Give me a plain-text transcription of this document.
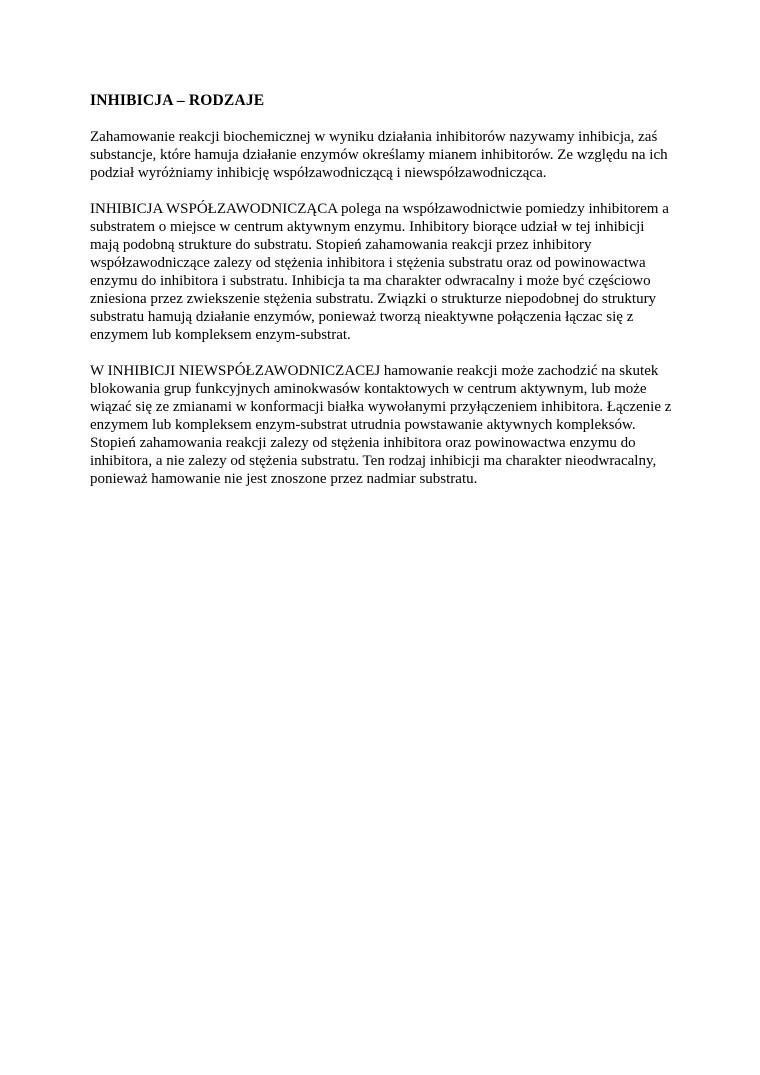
INHIBICJA – RODZAJE

Zahamowanie reakcji biochemicznej w wyniku działania inhibitorów nazywamy inhibicja, zaś substancje, które hamuja działanie enzymów określamy mianem inhibitorów. Ze względu na ich podział wyróżniamy inhibicję współzawodniczącą i niewspółzawodnicząca.

INHIBICJA WSPÓŁZAWODNICZĄCA polega na współzawodnictwie pomiedzy inhibitorem a substratem o miejsce w centrum aktywnym enzymu. Inhibitory biorące udział w tej inhibicji mają podobną strukture do substratu. Stopień zahamowania reakcji przez inhibitory współzawodniczące zalezy od stężenia inhibitora i stężenia substratu oraz od powinowactwa enzymu do inhibitora i substratu. Inhibicja ta ma charakter odwracalny i może być częściowo zniesiona przez zwiekszenie stężenia substratu. Związki o strukturze niepodobnej do struktury substratu hamują działanie enzymów, ponieważ tworzą nieaktywne połączenia łączac się z enzymem lub kompleksem enzym-substrat.

W INHIBICJI NIEWSPÓŁZAWODNICZACEJ hamowanie reakcji może zachodzić na skutek blokowania grup funkcyjnych aminokwasów kontaktowych w centrum aktywnym, lub może wiązać się ze zmianami w konformacji białka wywołanymi przyłączeniem inhibitora. Łączenie z enzymem lub kompleksem enzym-substrat utrudnia powstawanie aktywnych kompleksów. Stopień zahamowania reakcji zalezy od stężenia inhibitora oraz powinowactwa enzymu do inhibitora, a nie zalezy od stężenia substratu. Ten rodzaj inhibicji ma charakter nieodwracalny, ponieważ hamowanie nie jest znoszone przez nadmiar substratu.
